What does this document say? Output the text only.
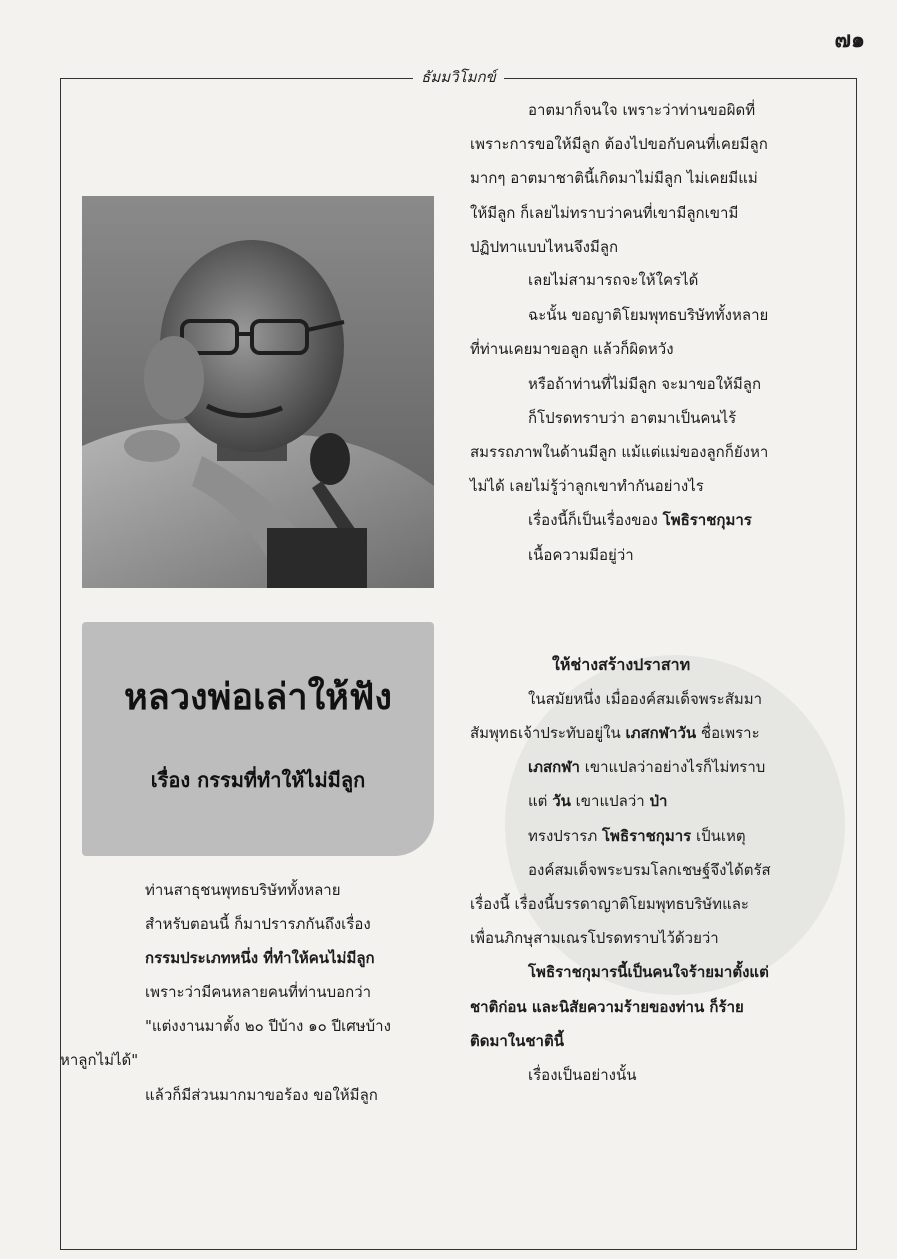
๗๑
ธัมมวิโมกข์
หลวงพ่อเล่าให้ฟัง
เรื่อง กรรมที่ทำให้ไม่มีลูก
อาตมาก็จนใจ เพราะว่าท่านขอผิดที่
เพราะการขอให้มีลูก ต้องไปขอกับคนที่เคยมีลูก
มากๆ อาตมาชาตินี้เกิดมาไม่มีลูก ไม่เคยมีแม่
ให้มีลูก ก็เลยไม่ทราบว่าคนที่เขามีลูกเขามี
ปฏิปทาแบบไหนจึงมีลูก
เลยไม่สามารถจะให้ใครได้
ฉะนั้น ขอญาติโยมพุทธบริษัททั้งหลาย
ที่ท่านเคยมาขอลูก แล้วก็ผิดหวัง
หรือถ้าท่านที่ไม่มีลูก จะมาขอให้มีลูก
ก็โปรดทราบว่า อาตมาเป็นคนไร้
สมรรถภาพในด้านมีลูก แม้แต่แม่ของลูกก็ยังหา
ไม่ได้ เลยไม่รู้ว่าลูกเขาทำกันอย่างไร
เรื่องนี้ก็เป็นเรื่องของ โพธิราชกุมาร
เนื้อความมีอยู่ว่า
ให้ช่างสร้างปราสาท
ในสมัยหนึ่ง เมื่อองค์สมเด็จพระสัมมา
สัมพุทธเจ้าประทับอยู่ใน เภสกฬาวัน ชื่อเพราะ
เภสกฬา เขาแปลว่าอย่างไรก็ไม่ทราบ
แต่ วัน เขาแปลว่า ป่า
ทรงปรารภ โพธิราชกุมาร เป็นเหตุ
องค์สมเด็จพระบรมโลกเชษฐ์จึงได้ตรัส
เรื่องนี้ เรื่องนี้บรรดาญาติโยมพุทธบริษัทและ
เพื่อนภิกษุสามเณรโปรดทราบไว้ด้วยว่า
โพธิราชกุมารนี้เป็นคนใจร้ายมาตั้งแต่
ชาติก่อน และนิสัยความร้ายของท่าน ก็ร้าย
ติดมาในชาตินี้
เรื่องเป็นอย่างนั้น
ท่านสาธุชนพุทธบริษัททั้งหลาย
สำหรับตอนนี้ ก็มาปรารภกันถึงเรื่อง
กรรมประเภทหนึ่ง ที่ทำให้คนไม่มีลูก
เพราะว่ามีคนหลายคนที่ท่านบอกว่า
"แต่งงานมาตั้ง ๒๐ ปีบ้าง ๑๐ ปีเศษบ้าง
หาลูกไม่ได้"
แล้วก็มีส่วนมากมาขอร้อง ขอให้มีลูก
